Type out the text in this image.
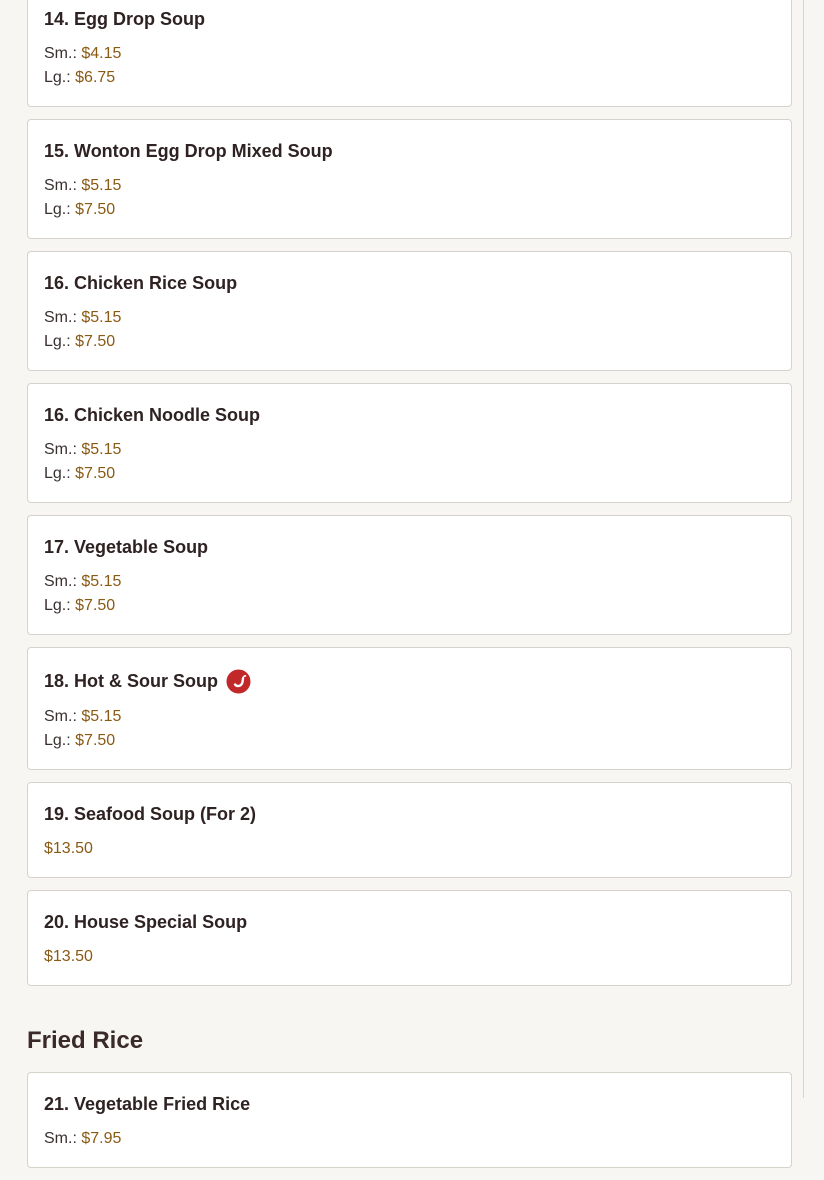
14. Egg Drop Soup
Sm.: $4.15
Lg.: $6.75
15. Wonton Egg Drop Mixed Soup
Sm.: $5.15
Lg.: $7.50
16. Chicken Rice Soup
Sm.: $5.15
Lg.: $7.50
16. Chicken Noodle Soup
Sm.: $5.15
Lg.: $7.50
17. Vegetable Soup
Sm.: $5.15
Lg.: $7.50
18. Hot & Sour Soup
Sm.: $5.15
Lg.: $7.50
19. Seafood Soup (For 2)
$13.50
20. House Special Soup
$13.50
Fried Rice
21. Vegetable Fried Rice
Sm.: $7.95
